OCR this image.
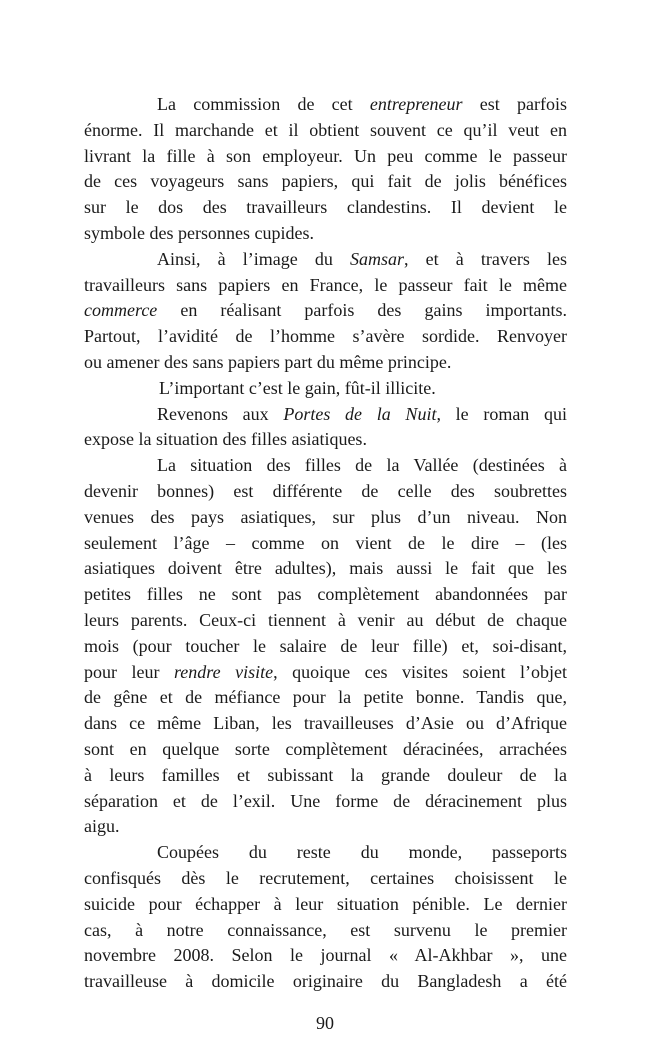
La commission de cet entrepreneur est parfois
énorme. Il marchande et il obtient souvent ce qu’il veut en
livrant la fille à son employeur. Un peu comme le passeur
de ces voyageurs sans papiers, qui fait de jolis bénéfices
sur le dos des travailleurs clandestins. Il devient le
symbole des personnes cupides.
Ainsi, à l’image du Samsar, et à travers les
travailleurs sans papiers en France, le passeur fait le même
commerce en réalisant parfois des gains importants.
Partout, l’avidité de l’homme s’avère sordide. Renvoyer
ou amener des sans papiers part du même principe.
L’important c’est le gain, fût-il illicite.
Revenons aux Portes de la Nuit, le roman qui
expose la situation des filles asiatiques.
La situation des filles de la Vallée (destinées à
devenir bonnes) est différente de celle des soubrettes
venues des pays asiatiques, sur plus d’un niveau. Non
seulement l’âge – comme on vient de le dire – (les
asiatiques doivent être adultes), mais aussi le fait que les
petites filles ne sont pas complètement abandonnées par
leurs parents. Ceux-ci tiennent à venir au début de chaque
mois (pour toucher le salaire de leur fille) et, soi-disant,
pour leur rendre visite, quoique ces visites soient l’objet
de gêne et de méfiance pour la petite bonne. Tandis que,
dans ce même Liban, les travailleuses d’Asie ou d’Afrique
sont en quelque sorte complètement déracinées, arrachées
à leurs familles et subissant la grande douleur de la
séparation et de l’exil. Une forme de déracinement plus
aigu.
Coupées du reste du monde, passeports
confisqués dès le recrutement, certaines choisissent le
suicide pour échapper à leur situation pénible. Le dernier
cas, à notre connaissance, est survenu le premier
novembre 2008. Selon le journal « Al-Akhbar », une
travailleuse à domicile originaire du Bangladesh a été
90
